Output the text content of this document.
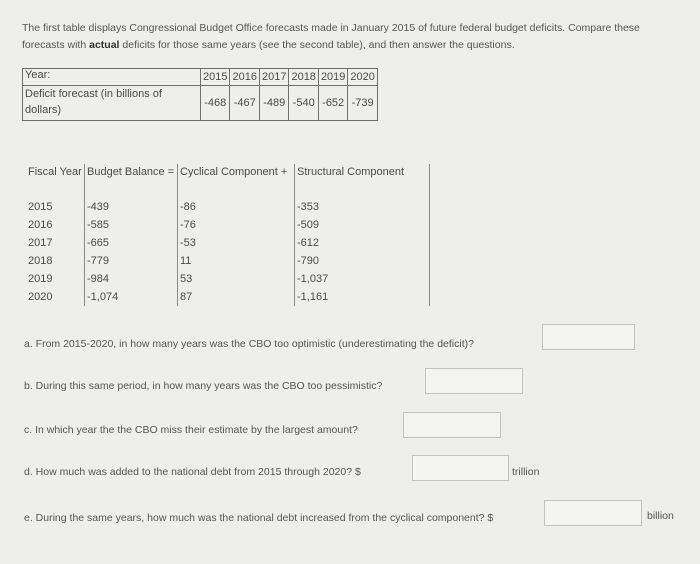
The first table displays Congressional Budget Office forecasts made in January 2015 of future federal budget deficits. Compare these forecasts with actual deficits for those same years (see the second table), and then answer the questions.
Year:	2015	2016	2017	2018	2019	2020
Deficit forecast (in billions of dollars)	-468	-467	-489	-540	-652	-739
Fiscal Year	Budget Balance =	Cyclical Component +	Structural Component
2015	-439	-86	-353
2016	-585	-76	-509
2017	-665	-53	-612
2018	-779	11	-790
2019	-984	53	-1,037
2020	-1,074	87	-1,161
a. From 2015-2020, in how many years was the CBO too optimistic (underestimating the deficit)?
b. During this same period, in how many years was the CBO too pessimistic?
c. In which year the the CBO miss their estimate by the largest amount?
d. How much was added to the national debt from 2015 through 2020? $	trillion
e. During the same years, how much was the national debt increased from the cyclical component? $	billion
